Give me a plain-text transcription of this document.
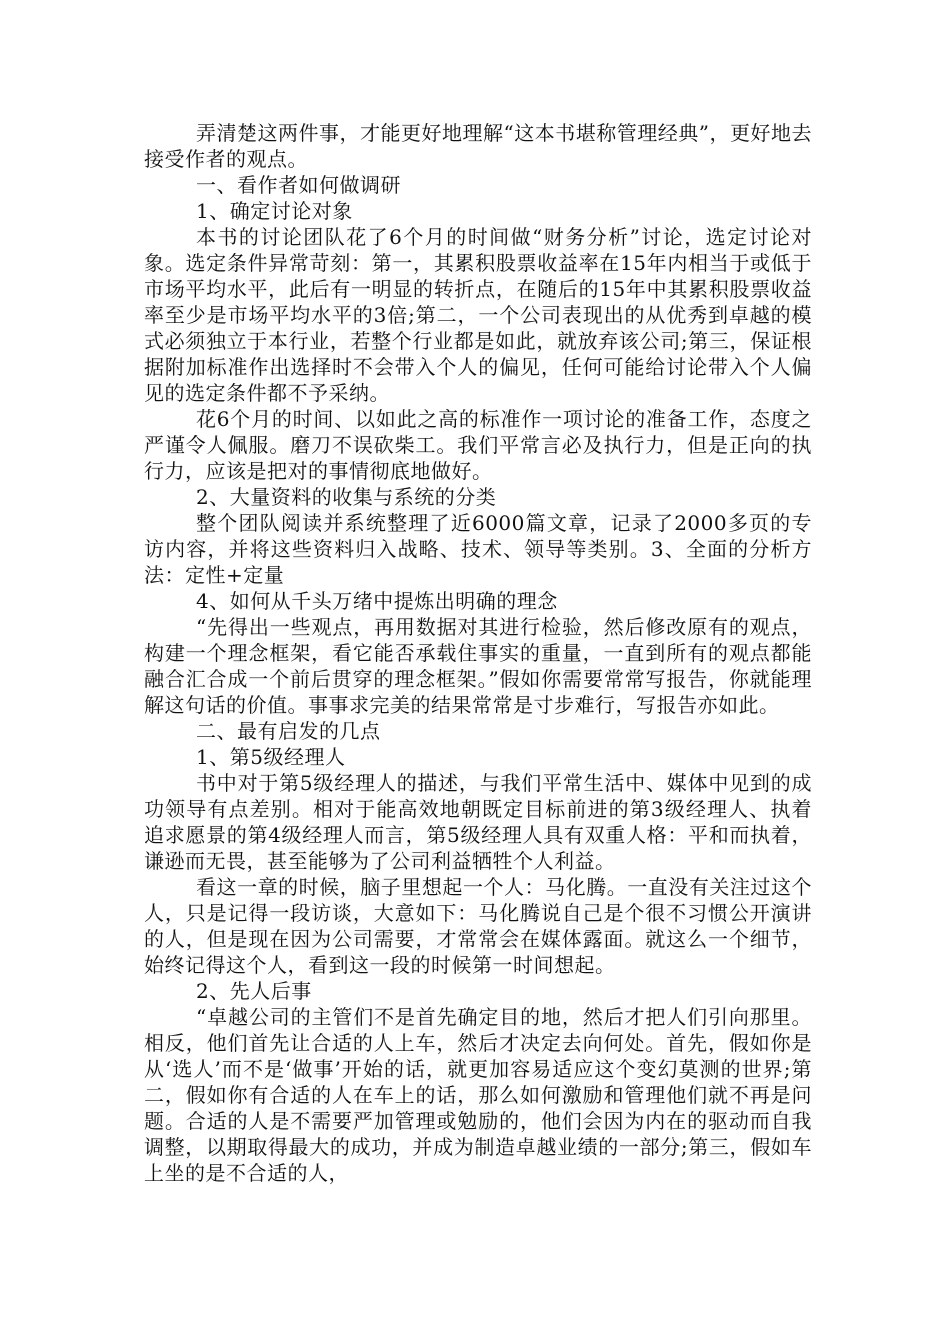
弄清楚这两件事，才能更好地理解“这本书堪称管理经典”，更好地去接受作者的观点。

一、看作者如何做调研

1、确定讨论对象

本书的讨论团队花了6个月的时间做“财务分析”讨论，选定讨论对象。选定条件异常苛刻：第一，其累积股票收益率在15年内相当于或低于市场平均水平，此后有一明显的转折点，在随后的15年中其累积股票收益率至少是市场平均水平的3倍;第二，一个公司表现出的从优秀到卓越的模式必须独立于本行业，若整个行业都是如此，就放弃该公司;第三，保证根据附加标准作出选择时不会带入个人的偏见，任何可能给讨论带入个人偏见的选定条件都不予采纳。

花6个月的时间、以如此之高的标准作一项讨论的准备工作，态度之严谨令人佩服。磨刀不误砍柴工。我们平常言必及执行力，但是正向的执行力，应该是把对的事情彻底地做好。

2、大量资料的收集与系统的分类

整个团队阅读并系统整理了近6000篇文章，记录了2000多页的专访内容，并将这些资料归入战略、技术、领导等类别。3、全面的分析方法：定性+定量

4、如何从千头万绪中提炼出明确的理念

“先得出一些观点，再用数据对其进行检验，然后修改原有的观点，构建一个理念框架，看它能否承载住事实的重量，一直到所有的观点都能融合汇合成一个前后贯穿的理念框架。”假如你需要常常写报告，你就能理解这句话的价值。事事求完美的结果常常是寸步难行，写报告亦如此。

二、最有启发的几点

1、第5级经理人

书中对于第5级经理人的描述，与我们平常生活中、媒体中见到的成功领导有点差别。相对于能高效地朝既定目标前进的第3级经理人、执着追求愿景的第4级经理人而言，第5级经理人具有双重人格：平和而执着，谦逊而无畏，甚至能够为了公司利益牺牲个人利益。

看这一章的时候，脑子里想起一个人：马化腾。一直没有关注过这个人，只是记得一段访谈，大意如下：马化腾说自己是个很不习惯公开演讲的人，但是现在因为公司需要，才常常会在媒体露面。就这么一个细节，始终记得这个人，看到这一段的时候第一时间想起。

2、先人后事

“卓越公司的主管们不是首先确定目的地，然后才把人们引向那里。相反，他们首先让合适的人上车，然后才决定去向何处。首先，假如你是从‘选人’而不是‘做事’开始的话，就更加容易适应这个变幻莫测的世界;第二，假如你有合适的人在车上的话，那么如何激励和管理他们就不再是问题。合适的人是不需要严加管理或勉励的，他们会因为内在的驱动而自我调整，以期取得最大的成功，并成为制造卓越业绩的一部分;第三，假如车上坐的是不合适的人，
